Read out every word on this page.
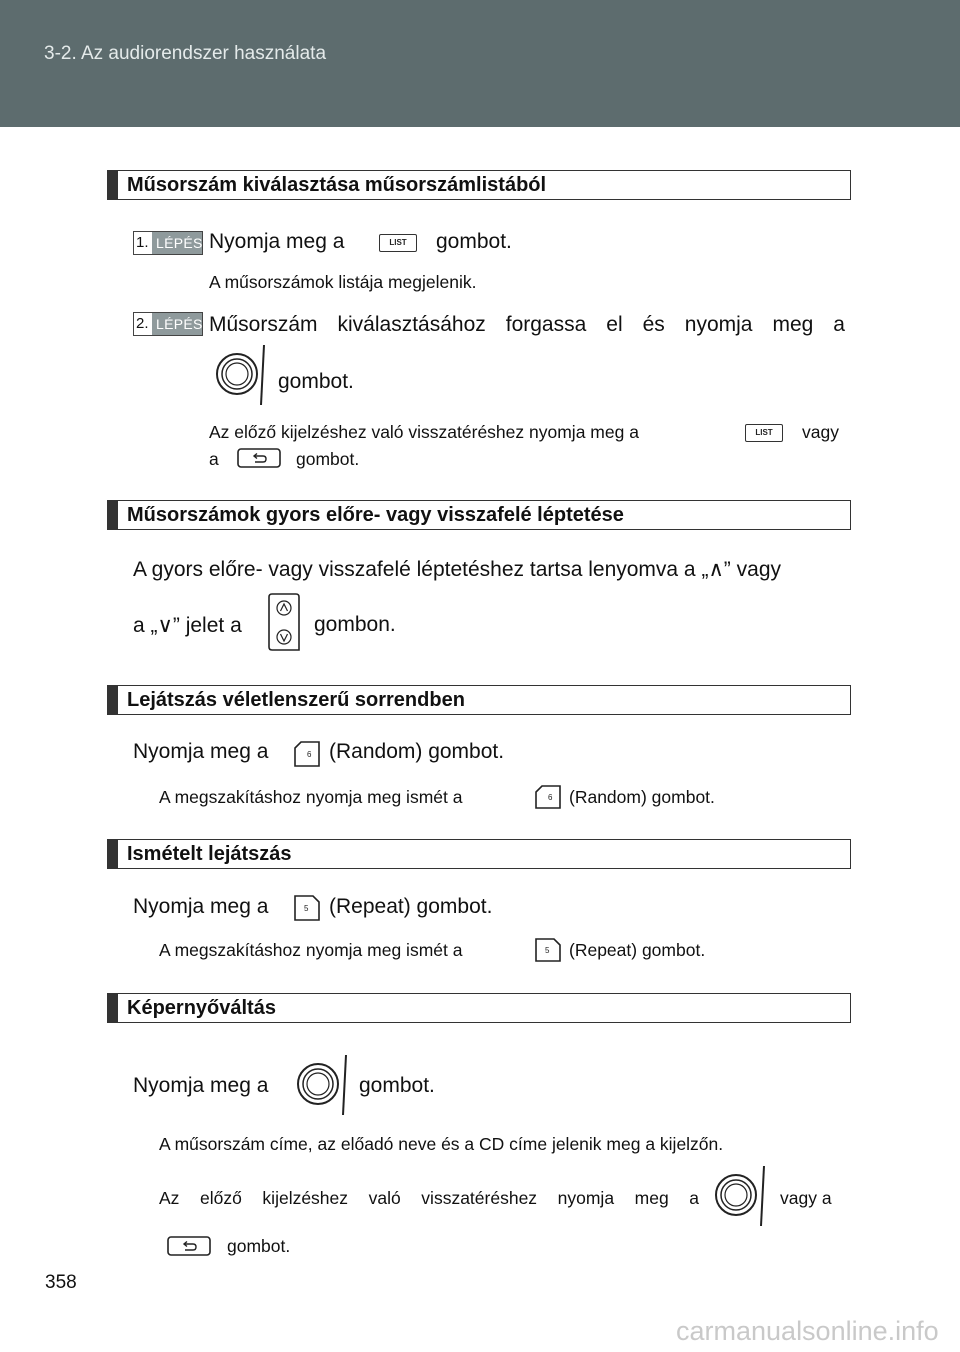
3-2. Az audiorendszer használata
Műsorszám kiválasztása műsorszámlistából
1. LÉPÉS Nyomja meg a	LIST	gombot.
A műsorszámok listája megjelenik.
2. LÉPÉS Műsorszám kiválasztásához forgassa el és nyomja meg a
gombot.
Az előző kijelzéshez való visszatéréshez nyomja meg a	LIST	vagy
a	gombot.
Műsorszámok gyors előre- vagy visszafelé léptetése
A gyors előre- vagy visszafelé léptetéshez tartsa lenyomva a „∧” vagy
a „∨” jelet a	gombon.
Lejátszás véletlenszerű sorrendben
Nyomja meg a	6 (Random) gombot.
A megszakításhoz nyomja meg ismét a	6 (Random) gombot.
Ismételt lejátszás
Nyomja meg a	5 (Repeat) gombot.
A megszakításhoz nyomja meg ismét a	5 (Repeat) gombot.
Képernyőváltás
Nyomja meg a	gombot.
A műsorszám címe, az előadó neve és a CD címe jelenik meg a kijelzőn.
Az előző kijelzéshez való visszatéréshez nyomja meg a	vagy a
gombot.
358
carmanualsonline.info
